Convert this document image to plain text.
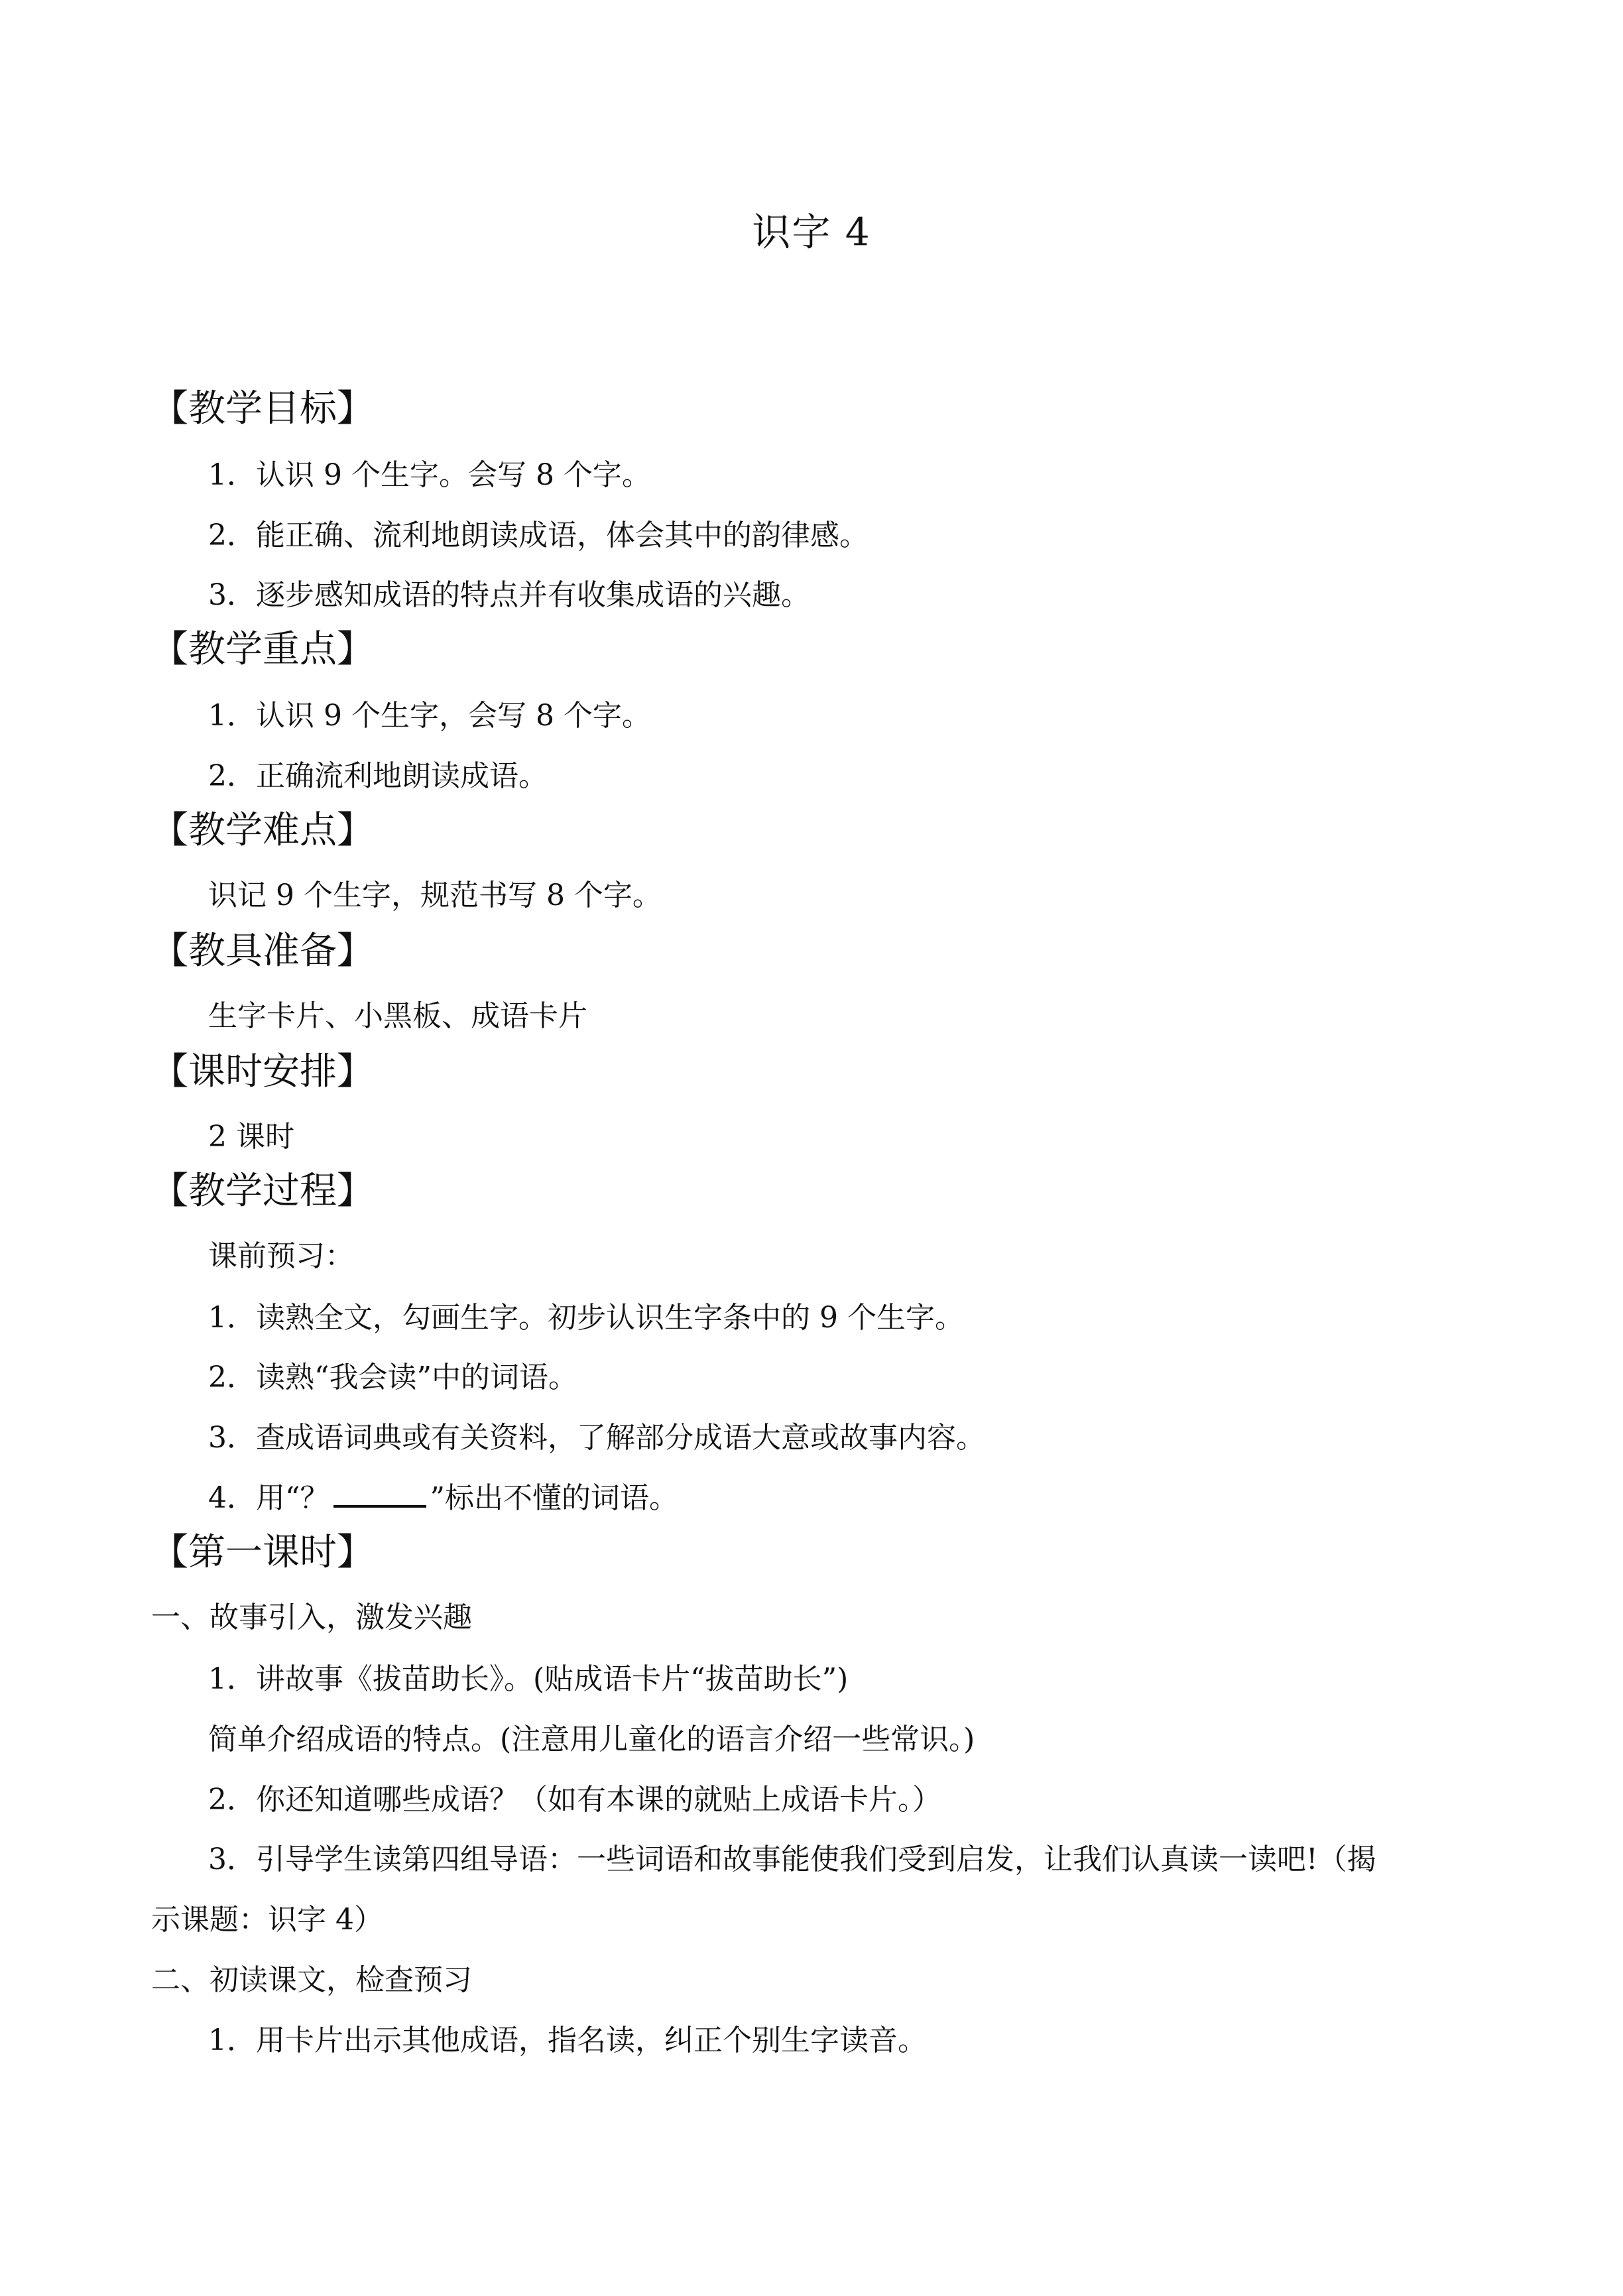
识字 4
【教学目标】
1．认识 9 个生字。会写 8 个字。
2．能正确、流利地朗读成语，体会其中的韵律感。
3．逐步感知成语的特点并有收集成语的兴趣。
【教学重点】
1．认识 9 个生字，会写 8 个字。
2．正确流利地朗读成语。
【教学难点】
识记 9 个生字，规范书写 8 个字。
【教具准备】
生字卡片、小黑板、成语卡片
【课时安排】
2 课时
【教学过程】
课前预习：
1．读熟全文，勾画生字。初步认识生字条中的 9 个生字。
2．读熟“我会读”中的词语。
3．查成语词典或有关资料，了解部分成语大意或故事内容。
4．用“？	”标出不懂的词语。
【第一课时】
一、故事引入，激发兴趣
1．讲故事《拔苗助长》。(贴成语卡片“拔苗助长”)
简单介绍成语的特点。(注意用儿童化的语言介绍一些常识。)
2．你还知道哪些成语？（如有本课的就贴上成语卡片。）
3．引导学生读第四组导语：一些词语和故事能使我们受到启发，让我们认真读一读吧!（揭
示课题：识字 4）
二、初读课文，检查预习
1．用卡片出示其他成语，指名读，纠正个别生字读音。
